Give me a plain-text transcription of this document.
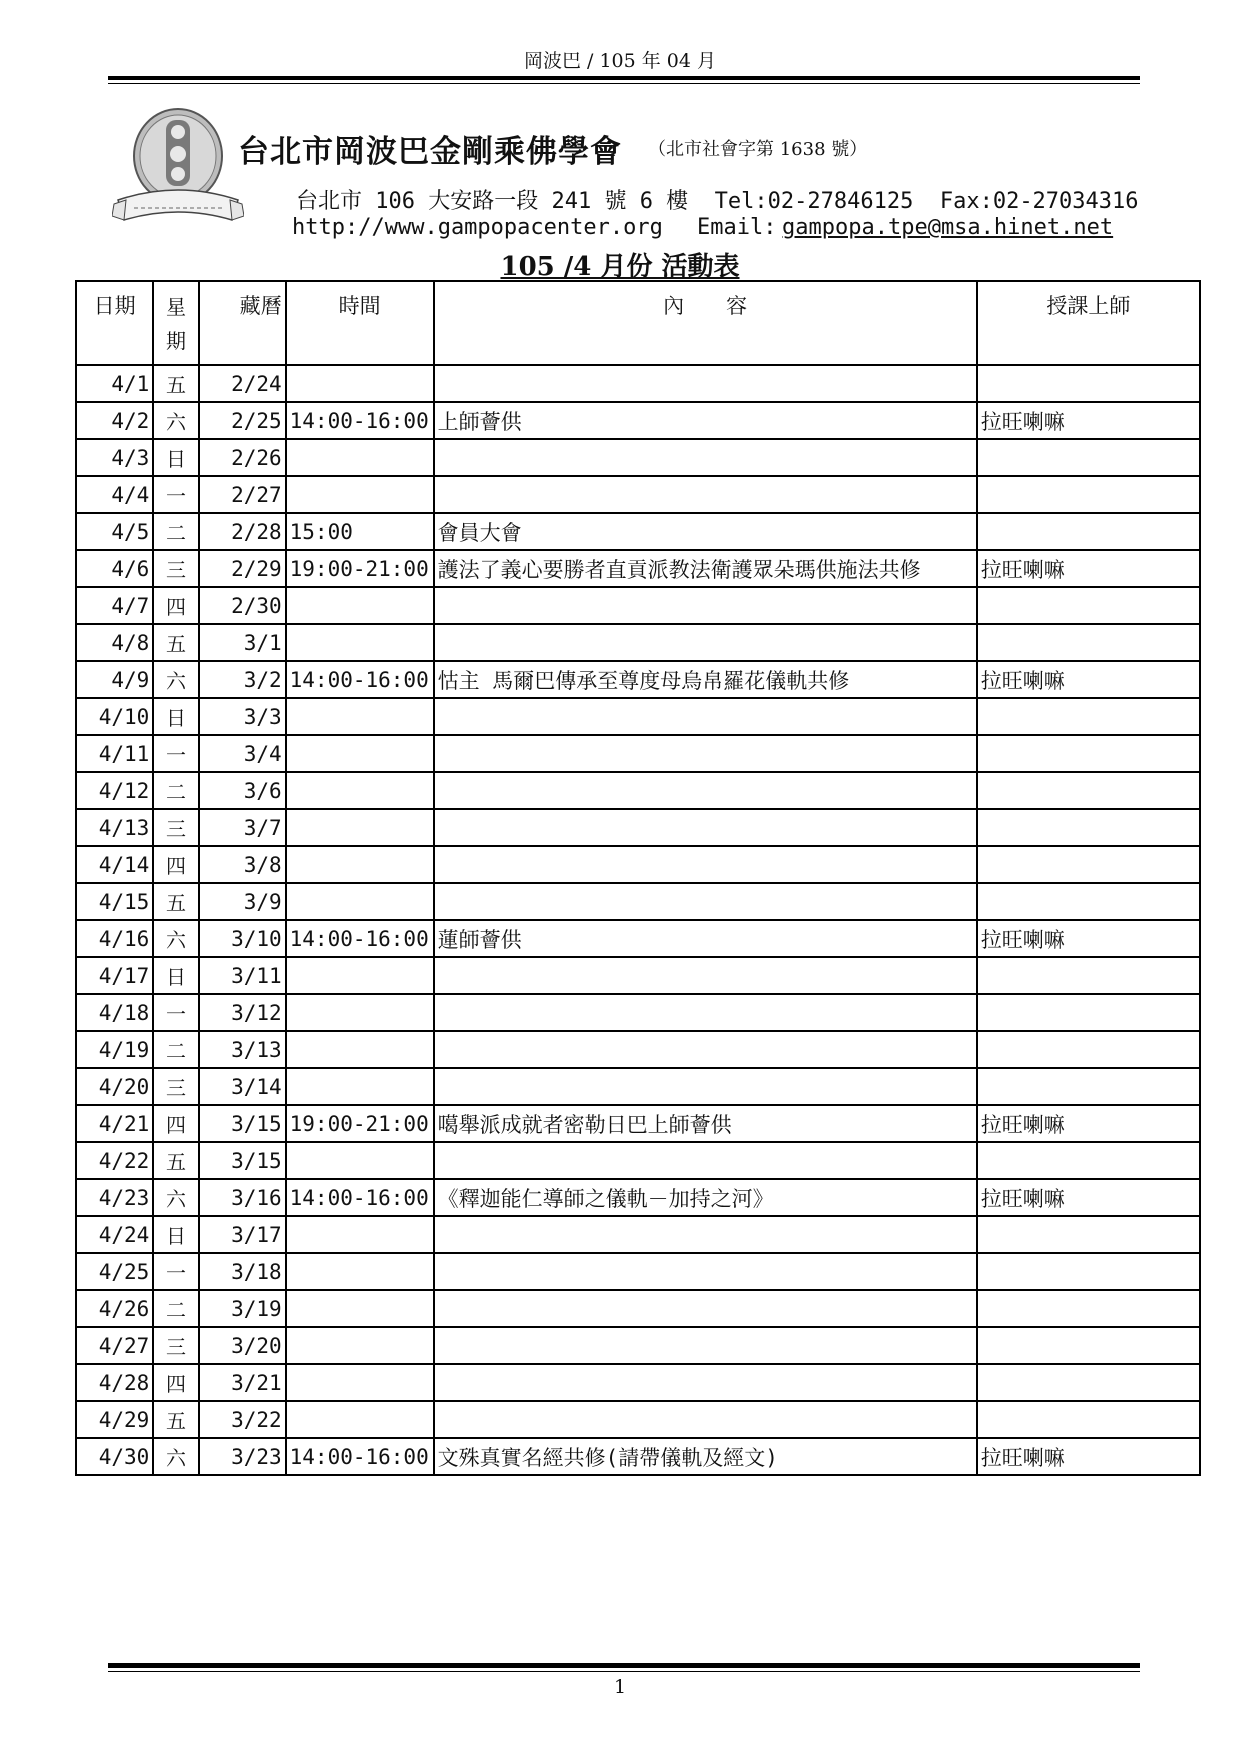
岡波巴 / 105 年 04 月
台北市岡波巴金剛乘佛學會 （北市社會字第 1638 號）
台北市 106 大安路一段 241 號 6 樓  Tel:02-27846125  Fax:02-27034316
http://www.gampopacenter.org Email: gampopa.tpe@msa.hinet.net
105 /4 月份 活動表
日期	星期	藏曆	時間	內　　容	授課上師
4/1	五	2/24			
4/2	六	2/25	14:00-16:00	上師薈供	拉旺喇嘛
4/3	日	2/26			
4/4	一	2/27			
4/5	二	2/28	15:00	會員大會	
4/6	三	2/29	19:00-21:00	護法了義心要勝者直貢派教法衛護眾朵瑪供施法共修	拉旺喇嘛
4/7	四	2/30			
4/8	五	3/1			
4/9	六	3/2	14:00-16:00	怙主 馬爾巴傳承至尊度母烏帛羅花儀軌共修	拉旺喇嘛
4/10	日	3/3			
4/11	一	3/4			
4/12	二	3/6			
4/13	三	3/7			
4/14	四	3/8			
4/15	五	3/9			
4/16	六	3/10	14:00-16:00	蓮師薈供	拉旺喇嘛
4/17	日	3/11			
4/18	一	3/12			
4/19	二	3/13			
4/20	三	3/14			
4/21	四	3/15	19:00-21:00	噶舉派成就者密勒日巴上師薈供	拉旺喇嘛
4/22	五	3/15			
4/23	六	3/16	14:00-16:00	《釋迦能仁導師之儀軌－加持之河》	拉旺喇嘛
4/24	日	3/17			
4/25	一	3/18			
4/26	二	3/19			
4/27	三	3/20			
4/28	四	3/21			
4/29	五	3/22			
4/30	六	3/23	14:00-16:00	文殊真實名經共修(請帶儀軌及經文)	拉旺喇嘛
1
